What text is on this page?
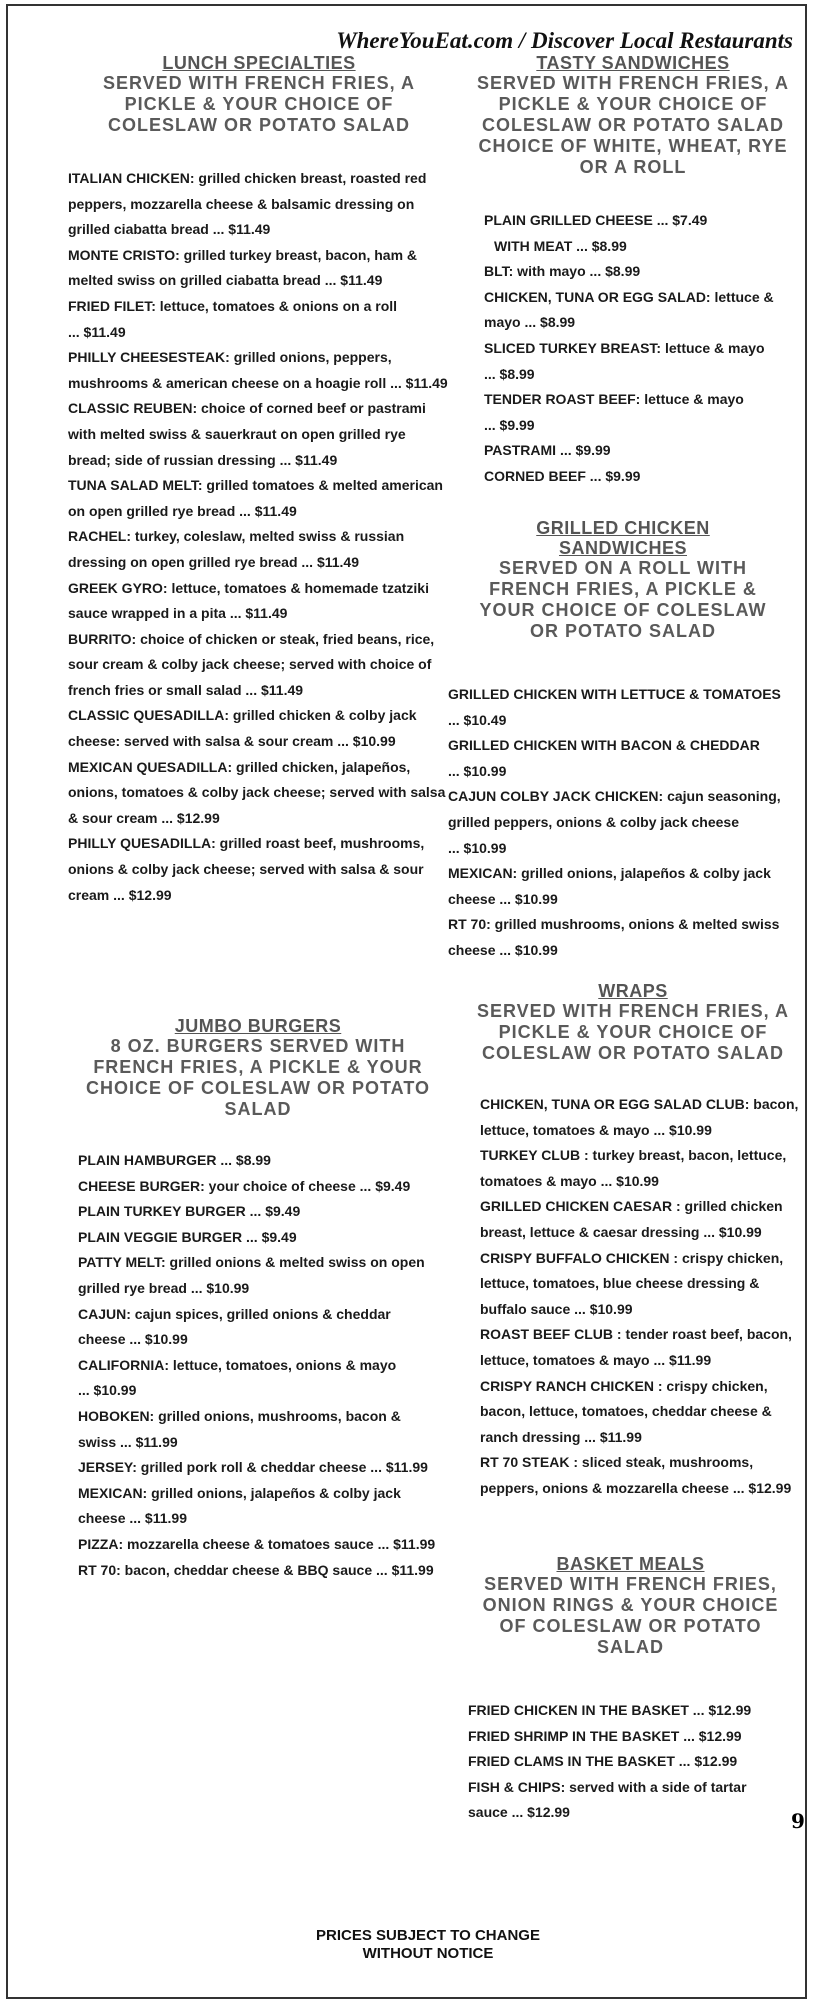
WhereYouEat.com / Discover Local Restaurants
LUNCH SPECIALTIES
SERVED WITH FRENCH FRIES, A PICKLE & YOUR CHOICE OF COLESLAW OR POTATO SALAD
ITALIAN CHICKEN: grilled chicken breast, roasted red peppers, mozzarella cheese & balsamic dressing on grilled ciabatta bread ... $11.49
MONTE CRISTO: grilled turkey breast, bacon, ham & melted swiss on grilled ciabatta bread ... $11.49
FRIED FILET: lettuce, tomatoes & onions on a roll ... $11.49
PHILLY CHEESESTEAK: grilled onions, peppers, mushrooms & american cheese on a hoagie roll ... $11.49
CLASSIC REUBEN: choice of corned beef or pastrami with melted swiss & sauerkraut on open grilled rye bread; side of russian dressing ... $11.49
TUNA SALAD MELT: grilled tomatoes & melted american on open grilled rye bread ... $11.49
RACHEL: turkey, coleslaw, melted swiss & russian dressing on open grilled rye bread ... $11.49
GREEK GYRO: lettuce, tomatoes & homemade tzatziki sauce wrapped in a pita ... $11.49
BURRITO: choice of chicken or steak, fried beans, rice, sour cream & colby jack cheese; served with choice of french fries or small salad ... $11.49
CLASSIC QUESADILLA: grilled chicken & colby jack cheese: served with salsa & sour cream ... $10.99
MEXICAN QUESADILLA: grilled chicken, jalapeños, onions, tomatoes & colby jack cheese; served with salsa & sour cream ... $12.99
PHILLY QUESADILLA: grilled roast beef, mushrooms, onions & colby jack cheese; served with salsa & sour cream ... $12.99
JUMBO BURGERS
8 OZ. BURGERS SERVED WITH FRENCH FRIES, A PICKLE & YOUR CHOICE OF COLESLAW OR POTATO SALAD
PLAIN HAMBURGER ... $8.99
CHEESE BURGER: your choice of cheese ... $9.49
PLAIN TURKEY BURGER ... $9.49
PLAIN VEGGIE BURGER ... $9.49
PATTY MELT: grilled onions & melted swiss on open grilled rye bread ... $10.99
CAJUN: cajun spices, grilled onions & cheddar cheese ... $10.99
CALIFORNIA: lettuce, tomatoes, onions & mayo ... $10.99
HOBOKEN: grilled onions, mushrooms, bacon & swiss ... $11.99
JERSEY: grilled pork roll & cheddar cheese ... $11.99
MEXICAN: grilled onions, jalapeños & colby jack cheese ... $11.99
PIZZA: mozzarella cheese & tomatoes sauce ... $11.99
RT 70: bacon, cheddar cheese & BBQ sauce ... $11.99
TASTY SANDWICHES
SERVED WITH FRENCH FRIES, A PICKLE & YOUR CHOICE OF COLESLAW OR POTATO SALAD CHOICE OF WHITE, WHEAT, RYE OR A ROLL
PLAIN GRILLED CHEESE ... $7.49
WITH MEAT ... $8.99
BLT: with mayo ... $8.99
CHICKEN, TUNA OR EGG SALAD: lettuce & mayo ... $8.99
SLICED TURKEY BREAST: lettuce & mayo ... $8.99
TENDER ROAST BEEF: lettuce & mayo ... $9.99
PASTRAMI ... $9.99
CORNED BEEF ... $9.99
GRILLED CHICKEN SANDWICHES
SERVED ON A ROLL WITH FRENCH FRIES, A PICKLE & YOUR CHOICE OF COLESLAW OR POTATO SALAD
GRILLED CHICKEN WITH LETTUCE & TOMATOES ... $10.49
GRILLED CHICKEN WITH BACON & CHEDDAR ... $10.99
CAJUN COLBY JACK CHICKEN: cajun seasoning, grilled peppers, onions & colby jack cheese ... $10.99
MEXICAN: grilled onions, jalapeños & colby jack cheese ... $10.99
RT 70: grilled mushrooms, onions & melted swiss cheese ... $10.99
WRAPS
SERVED WITH FRENCH FRIES, A PICKLE & YOUR CHOICE OF COLESLAW OR POTATO SALAD
CHICKEN, TUNA OR EGG SALAD CLUB: bacon, lettuce, tomatoes & mayo ... $10.99
TURKEY CLUB : turkey breast, bacon, lettuce, tomatoes & mayo ... $10.99
GRILLED CHICKEN CAESAR : grilled chicken breast, lettuce & caesar dressing ... $10.99
CRISPY BUFFALO CHICKEN : crispy chicken, lettuce, tomatoes, blue cheese dressing & buffalo sauce ... $10.99
ROAST BEEF CLUB : tender roast beef, bacon, lettuce, tomatoes & mayo ... $11.99
CRISPY RANCH CHICKEN : crispy chicken, bacon, lettuce, tomatoes, cheddar cheese & ranch dressing ... $11.99
RT 70 STEAK : sliced steak, mushrooms, peppers, onions & mozzarella cheese ... $12.99
BASKET MEALS
SERVED WITH FRENCH FRIES, ONION RINGS & YOUR CHOICE OF COLESLAW OR POTATO SALAD
FRIED CHICKEN IN THE BASKET ... $12.99
FRIED SHRIMP IN THE BASKET ... $12.99
FRIED CLAMS IN THE BASKET ... $12.99
FISH & CHIPS: served with a side of tartar sauce ... $12.99	9
PRICES SUBJECT TO CHANGE
WITHOUT NOTICE
